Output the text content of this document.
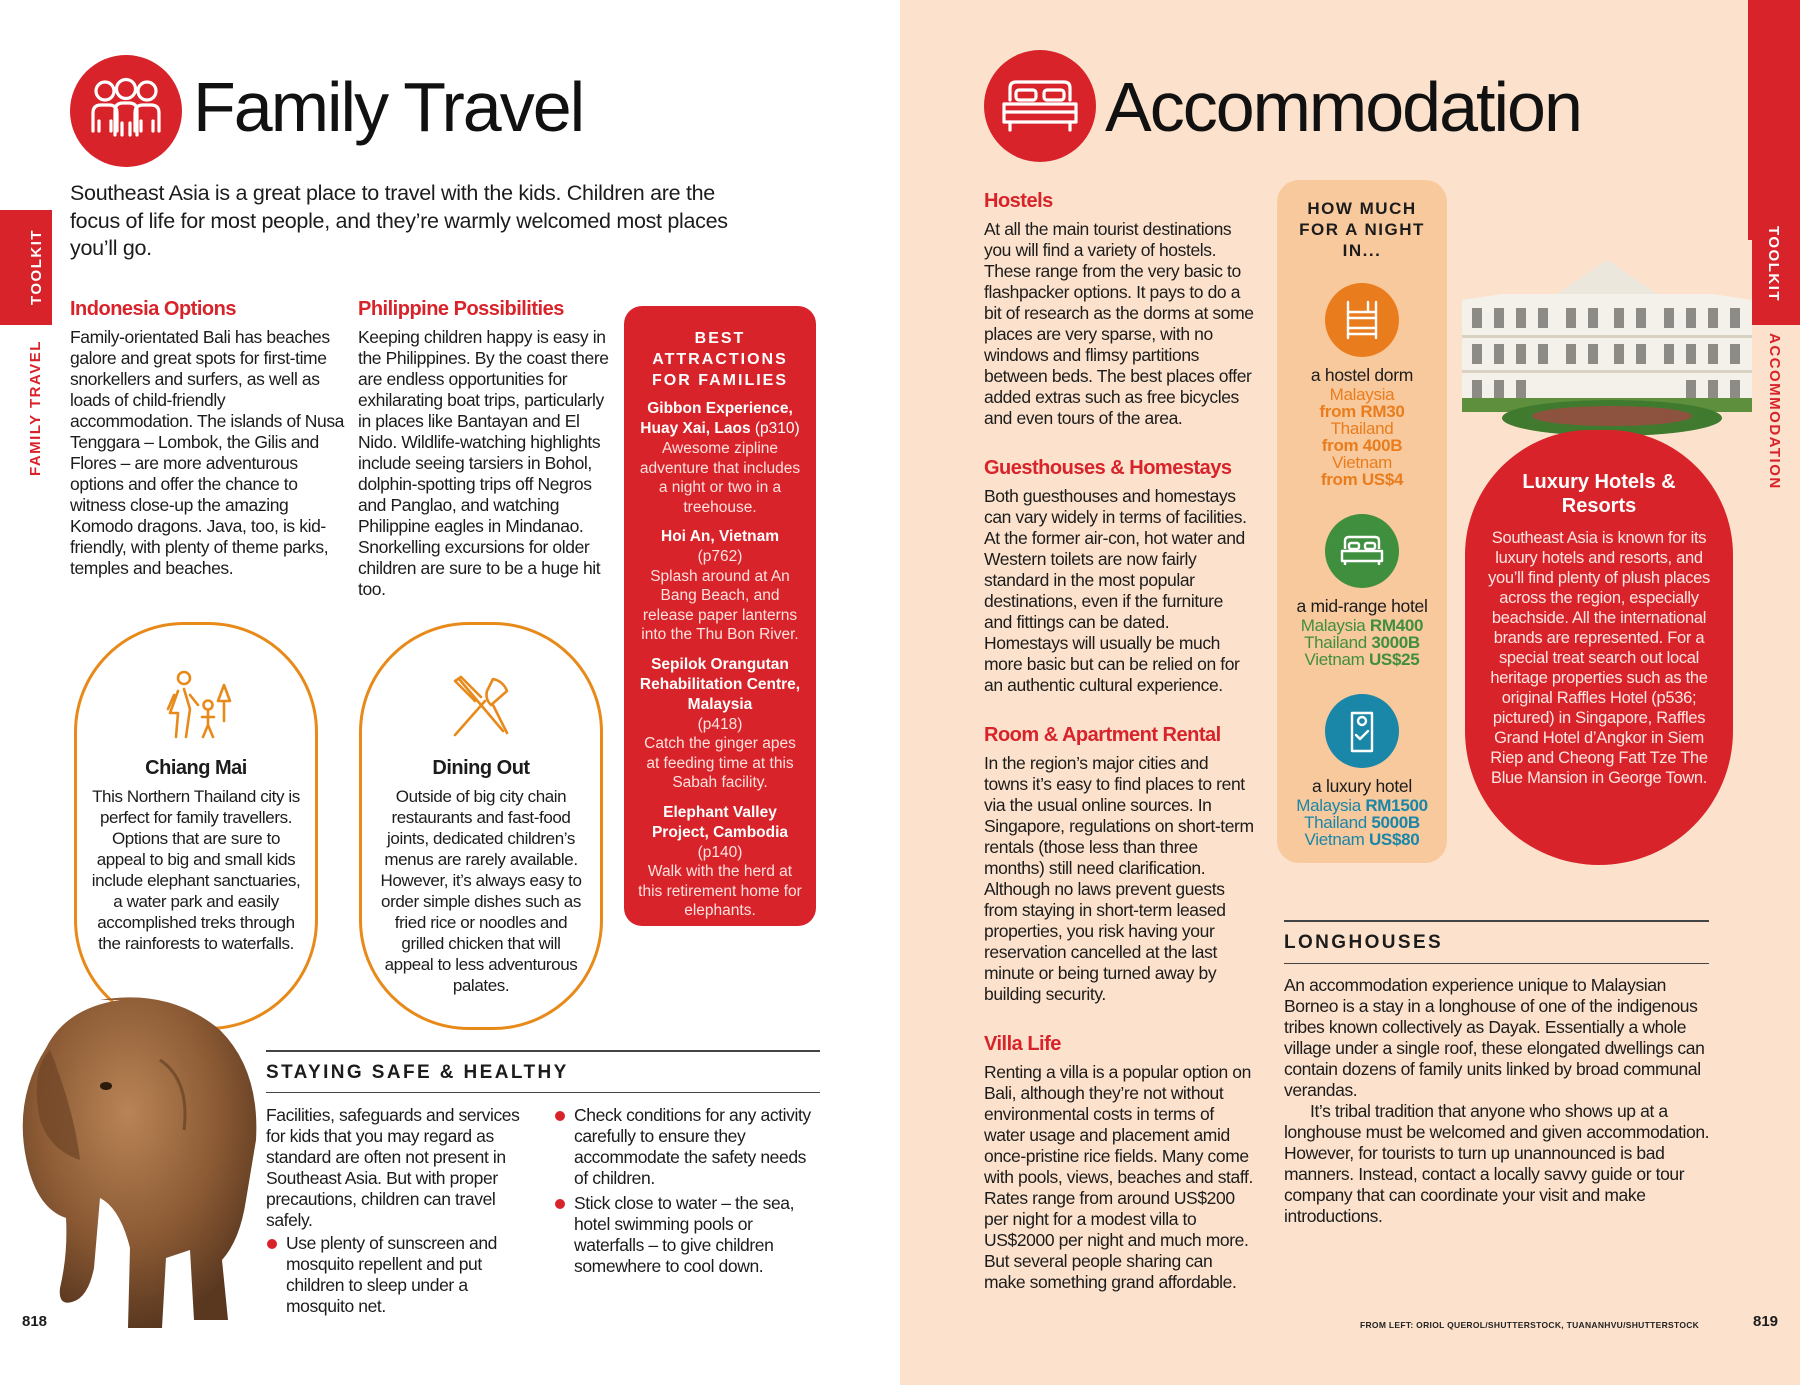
TOOLKIT
FAMILY TRAVEL
Family Travel
Southeast Asia is a great place to travel with the kids. Children are the focus of life for most people, and they’re warmly welcomed most places you’ll go.
Indonesia Options
Family-orientated Bali has beaches galore and great spots for first-time snorkellers and surfers, as well as loads of child-friendly accommodation. The islands of Nusa Tenggara – Lombok, the Gilis and Flores – are more adventurous options and offer the chance to witness close-up the amazing Komodo dragons. Java, too, is kid-friendly, with plenty of theme parks, temples and beaches.
Philippine Possibilities
Keeping children happy is easy in the Philippines. By the coast there are endless opportunities for exhilarating boat trips, particularly in places like Bantayan and El Nido. Wildlife-watching highlights include seeing tarsiers in Bohol, dolphin-spotting trips off Negros and Panglao, and watching Philippine eagles in Mindanao. Snorkelling excursions for older children are sure to be a huge hit too.
BEST ATTRACTIONS FOR FAMILIES
Gibbon Experience, Huay Xai, Laos (p310)
Awesome zipline adventure that includes a night or two in a treehouse.
Hoi An, Vietnam
(p762)
Splash around at An Bang Beach, and release paper lanterns into the Thu Bon River.
Sepilok Orangutan Rehabilitation Centre, Malaysia
(p418)
Catch the ginger apes at feeding time at this Sabah facility.
Elephant Valley Project, Cambodia
(p140)
Walk with the herd at this retirement home for elephants.
Chiang Mai

This Northern Thailand city is perfect for family travellers. Options that are sure to appeal to big and small kids include elephant sanctuaries, a water park and easily accomplished treks through the rainforests to waterfalls.

Dining Out

Outside of big city chain restaurants and fast-food joints, dedicated children’s menus are rarely available. However, it’s always easy to order simple dishes such as fried rice or noodles and grilled chicken that will appeal to less adventurous palates.

STAYING SAFE & HEALTHY
Facilities, safeguards and services for kids that you may regard as standard are often not present in Southeast Asia. But with proper precautions, children can travel safely.
Use plenty of sunscreen and mosquito repellent and put children to sleep under a mosquito net.
Check conditions for any activity carefully to ensure they accommodate the safety needs of children.
Stick close to water – the sea, hotel swimming pools or waterfalls – to give children somewhere to cool down.
818
TOOLKIT
ACCOMMODATION
Accommodation
Hostels
At all the main tourist destinations you will find a variety of hostels. These range from the very basic to flashpacker options. It pays to do a bit of research as the dorms at some places are very sparse, with no windows and flimsy partitions between beds. The best places offer added extras such as free bicycles and even tours of the area.
Guesthouses & Homestays
Both guesthouses and homestays can vary widely in terms of facilities. At the former air-con, hot water and Western toilets are now fairly standard in the most popular destinations, even if the furniture and fittings can be dated. Homestays will usually be much more basic but can be relied on for an authentic cultural experience.
Room & Apartment Rental
In the region’s major cities and towns it’s easy to find places to rent via the usual online sources. In Singapore, regulations on short-term rentals (those less than three months) still need clarification. Although no laws prevent guests from staying in short-term leased properties, you risk having your reservation cancelled at the last minute or being turned away by building security.
Villa Life
Renting a villa is a popular option on Bali, although they’re not without environmental costs in terms of water usage and placement amid once-pristine rice fields. Many come with pools, views, beaches and staff. Rates range from around US$200 per night for a modest villa to US$2000 per night and much more. But several people sharing can make something grand affordable.
HOW MUCH FOR A NIGHT IN...
a hostel dorm
Malaysia
from RM30
Thailand
from 400B
Vietnam
from US$4
a mid-range hotel
Malaysia RM400
Thailand 3000B
Vietnam US$25
a luxury hotel
Malaysia RM1500
Thailand 5000B
Vietnam US$80
Luxury Hotels & Resorts
Southeast Asia is known for its luxury hotels and resorts, and you’ll find plenty of plush places across the region, especially beachside. All the international brands are represented. For a special treat search out local heritage properties such as the original Raffles Hotel (p536; pictured) in Singapore, Raffles Grand Hotel d’Angkor in Siem Riep and Cheong Fatt Tze The Blue Mansion in George Town.
LONGHOUSES
An accommodation experience unique to Malaysian Borneo is a stay in a longhouse of one of the indigenous tribes known collectively as Dayak. Essentially a whole village under a single roof, these elongated dwellings can contain dozens of family units linked by broad communal verandas.
It’s tribal tradition that anyone who shows up at a longhouse must be welcomed and given accommodation. However, for tourists to turn up unannounced is bad manners. Instead, contact a locally savvy guide or tour company that can coordinate your visit and make introductions.
FROM LEFT: ORIOL QUEROL/SHUTTERSTOCK, TUANANHVU/SHUTTERSTOCK	819
